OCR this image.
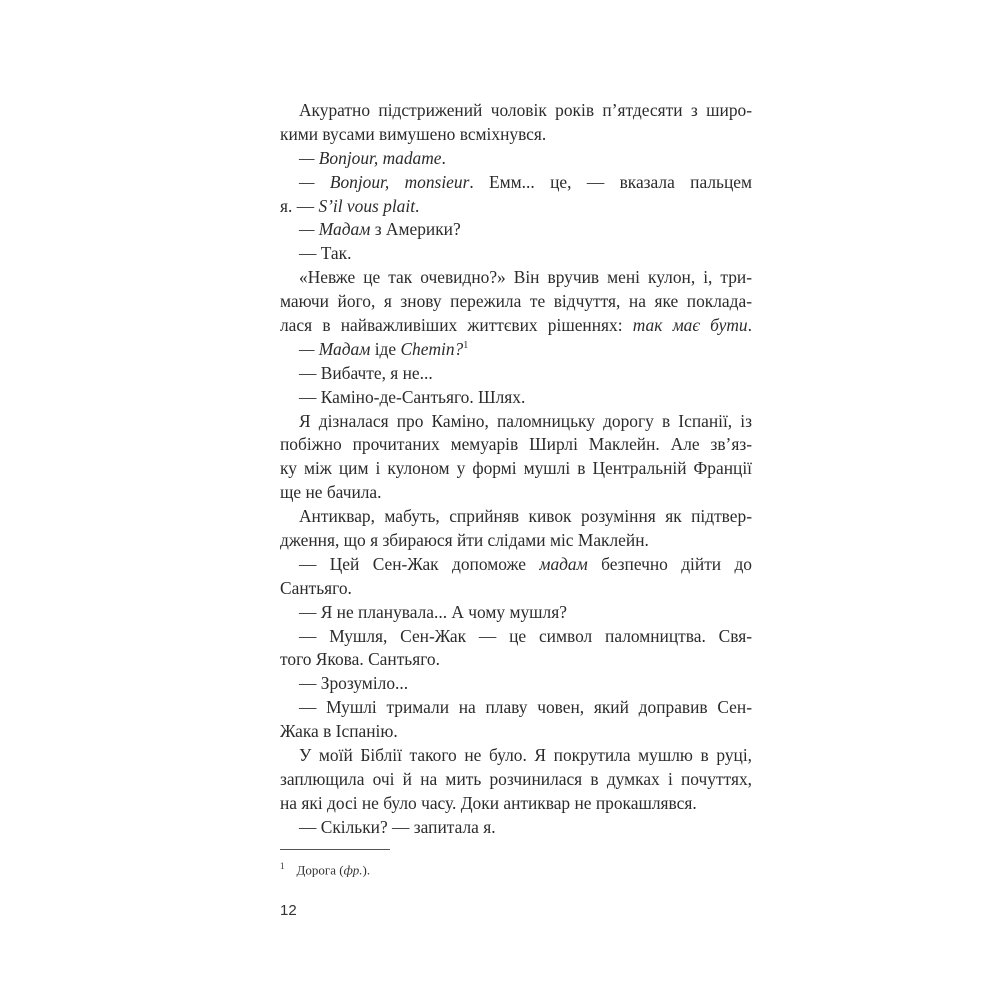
Акуратно підстрижений чоловік років п’ятдесяти з широ-
кими вусами вимушено всміхнувся.
— Bonjour, madame.
— Bonjour, monsieur. Емм... це, — вказала пальцем
я. — S’il vous plait.
— Мадам з Америки?
— Так.
«Невже це так очевидно?» Він вручив мені кулон, і, три-
маючи його, я знову пережила те відчуття, на яке поклада-
лася в найважливіших життєвих рішеннях: так має бути.
— Мадам іде Chemin?$^1$
— Вибачте, я не...
— Каміно-де-Сантьяго. Шлях.
Я дізналася про Каміно, паломницьку дорогу в Іспанії, із
побіжно прочитаних мемуарів Ширлі Маклейн. Але зв’яз-
ку між цим і кулоном у формі мушлі в Центральній Франції
ще не бачила.
Антиквар, мабуть, сприйняв кивок розуміння як підтвер-
дження, що я збираюся йти слідами міс Маклейн.
— Цей Сен-Жак допоможе мадам безпечно дійти до
Сантьяго.
— Я не планувала... А чому мушля?
— Мушля, Сен-Жак — це символ паломництва. Свя-
того Якова. Сантьяго.
— Зрозуміло...
— Мушлі тримали на плаву човен, який доправив Сен-
Жака в Іспанію.
У моїй Біблії такого не було. Я покрутила мушлю в руці,
заплющила очі й на мить розчинилася в думках і почуттях,
на які досі не було часу. Доки антиквар не прокашлявся.
— Скільки? — запитала я.
$^1$ Дорога (фр.).
12
